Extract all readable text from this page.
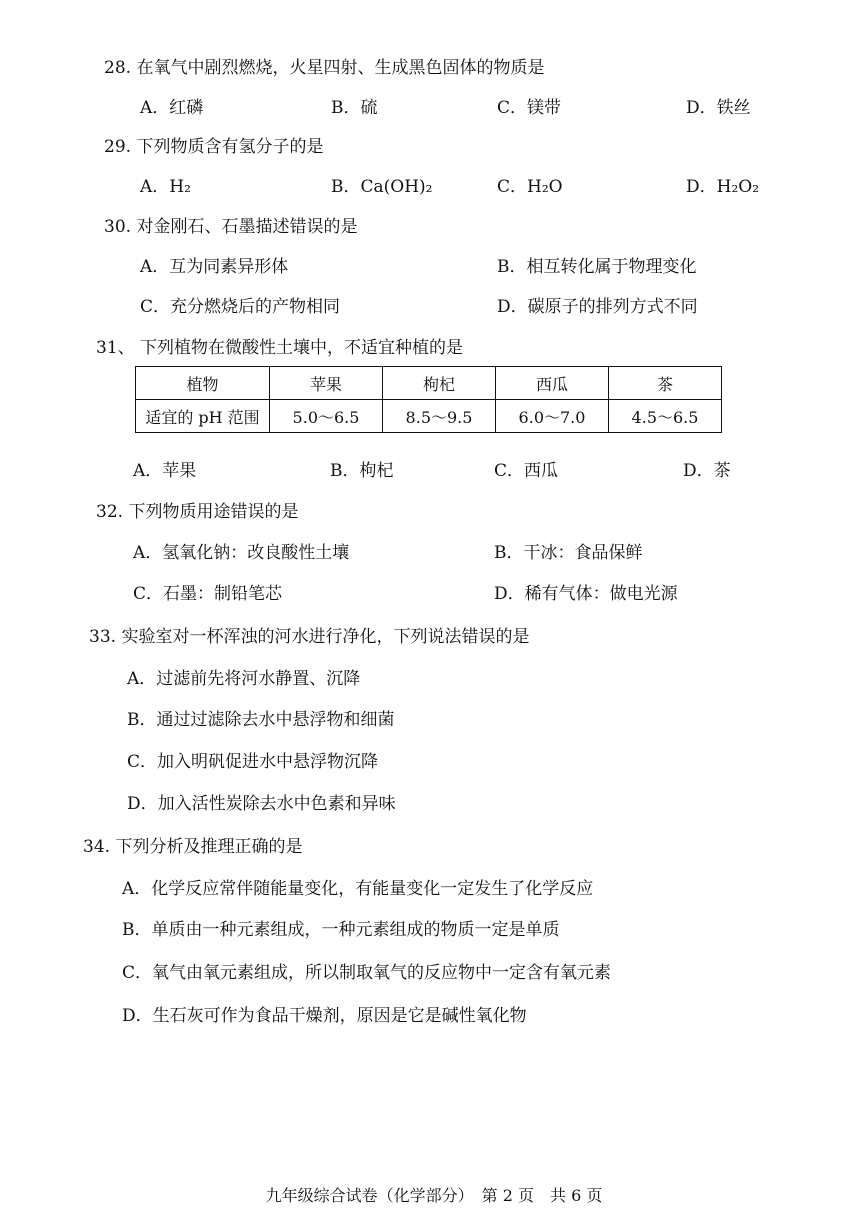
28. 在氧气中剧烈燃烧，火星四射、生成黑色固体的物质是
A．红磷	B．硫	C．镁带	D．铁丝
29. 下列物质含有氢分子的是
A．H₂	B．Ca(OH)₂	C．H₂O	D．H₂O₂
30. 对金刚石、石墨描述错误的是
A．互为同素异形体	B．相互转化属于物理变化
C．充分燃烧后的产物相同	D．碳原子的排列方式不同
31、 下列植物在微酸性土壤中，不适宜种植的是
植物	苹果	枸杞	西瓜	茶
适宜的 pH 范围	5.0～6.5	8.5～9.5	6.0～7.0	4.5～6.5
A．苹果	B．枸杞	C．西瓜	D．茶
32. 下列物质用途错误的是
A．氢氧化钠：改良酸性土壤	B．干冰：食品保鲜
C．石墨：制铅笔芯	D．稀有气体：做电光源
33. 实验室对一杯浑浊的河水进行净化，下列说法错误的是
A．过滤前先将河水静置、沉降
B．通过过滤除去水中悬浮物和细菌
C．加入明矾促进水中悬浮物沉降
D．加入活性炭除去水中色素和异味
34. 下列分析及推理正确的是
A．化学反应常伴随能量变化，有能量变化一定发生了化学反应
B．单质由一种元素组成，一种元素组成的物质一定是单质
C．氧气由氧元素组成，所以制取氧气的反应物中一定含有氧元素
D．生石灰可作为食品干燥剂，原因是它是碱性氧化物
九年级综合试卷（化学部分）　第 2 页　共 6 页
